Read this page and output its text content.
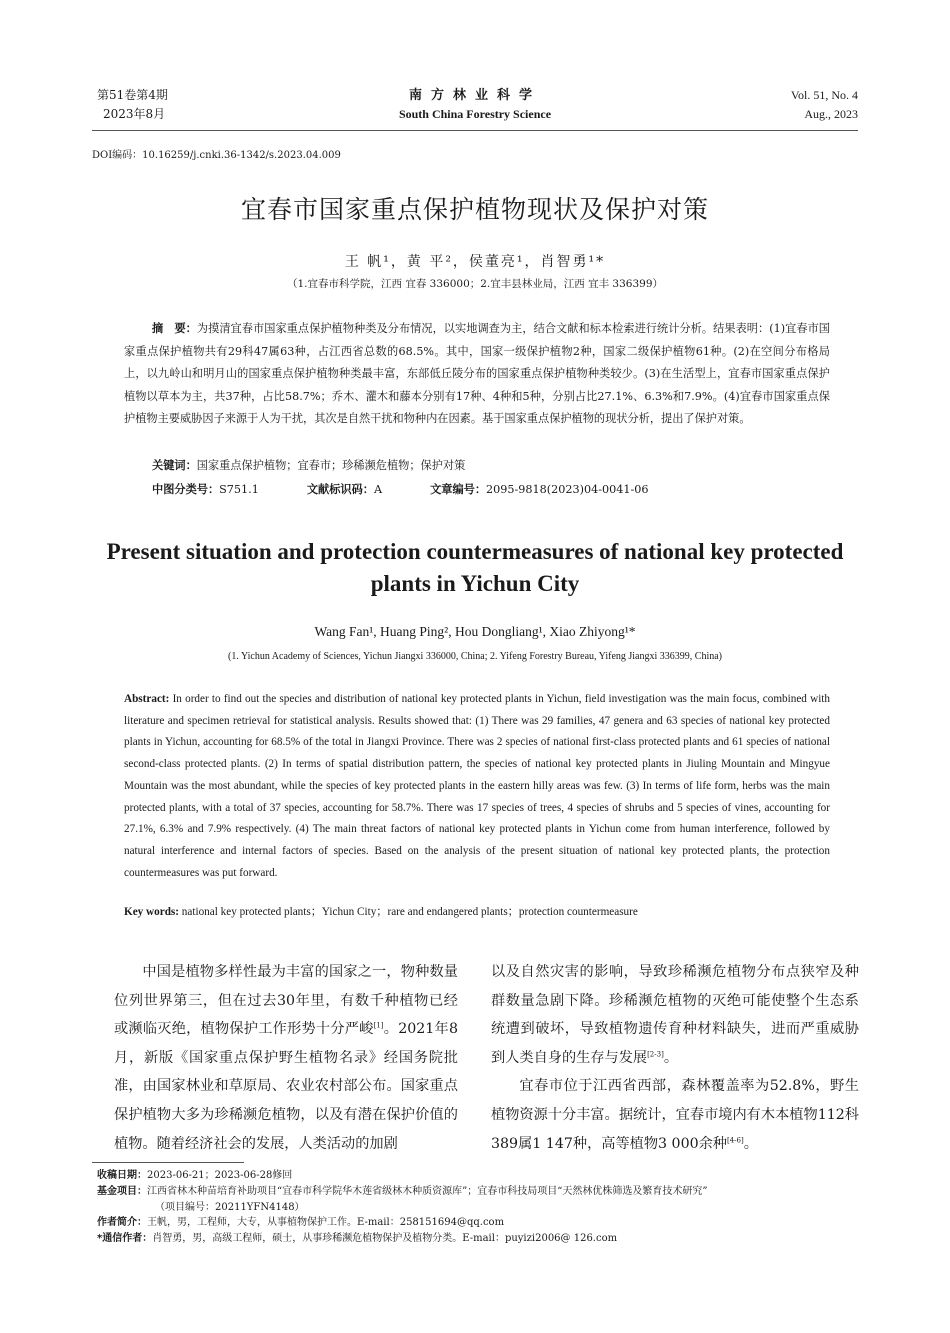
第51卷第4期
2023年8月
南方林业科学
South China Forestry Science
Vol. 51, No. 4
Aug., 2023
DOI编码：10.16259/j.cnki.36-1342/s.2023.04.009
宜春市国家重点保护植物现状及保护对策
王 帆¹，黄 平²，侯董亮¹，肖智勇¹*
（1.宜春市科学院，江西 宜春 336000；2.宜丰县林业局，江西 宜丰 336399）
摘　要：为摸清宜春市国家重点保护植物种类及分布情况，以实地调查为主，结合文献和标本检索进行统计分析。结果表明：(1)宜春市国家重点保护植物共有29科47属63种，占江西省总数的68.5%。其中，国家一级保护植物2种，国家二级保护植物61种。(2)在空间分布格局上，以九岭山和明月山的国家重点保护植物种类最丰富，东部低丘陵分布的国家重点保护植物种类较少。(3)在生活型上，宜春市国家重点保护植物以草本为主，共37种，占比58.7%；乔木、灌木和藤本分别有17种、4种和5种，分别占比27.1%、6.3%和7.9%。(4)宜春市国家重点保护植物主要威胁因子来源于人为干扰，其次是自然干扰和物种内在因素。基于国家重点保护植物的现状分析，提出了保护对策。
关键词：国家重点保护植物；宜春市；珍稀濒危植物；保护对策
中图分类号：S751.1	文献标识码：A	文章编号：2095-9818(2023)04-0041-06
Present situation and protection countermeasures of national key protected plants in Yichun City
Wang Fan¹, Huang Ping², Hou Dongliang¹, Xiao Zhiyong¹*
(1. Yichun Academy of Sciences, Yichun Jiangxi 336000, China; 2. Yifeng Forestry Bureau, Yifeng Jiangxi 336399, China)
Abstract: In order to find out the species and distribution of national key protected plants in Yichun, field investigation was the main focus, combined with literature and specimen retrieval for statistical analysis. Results showed that: (1) There was 29 families, 47 genera and 63 species of national key protected plants in Yichun, accounting for 68.5% of the total in Jiangxi Province. There was 2 species of national first-class protected plants and 61 species of national second-class protected plants. (2) In terms of spatial distribution pattern, the species of national key protected plants in Jiuling Mountain and Mingyue Mountain was the most abundant, while the species of key protected plants in the eastern hilly areas was few. (3) In terms of life form, herbs was the main protected plants, with a total of 37 species, accounting for 58.7%. There was 17 species of trees, 4 species of shrubs and 5 species of vines, accounting for 27.1%, 6.3% and 7.9% respectively. (4) The main threat factors of national key protected plants in Yichun come from human interference, followed by natural interference and internal factors of species. Based on the analysis of the present situation of national key protected plants, the protection countermeasures was put forward.
Key words: national key protected plants；Yichun City；rare and endangered plants；protection countermeasure
中国是植物多样性最为丰富的国家之一，物种数量位列世界第三，但在过去30年里，有数千种植物已经或濒临灭绝，植物保护工作形势十分严峻[1]。2021年8月，新版《国家重点保护野生植物名录》经国务院批准，由国家林业和草原局、农业农村部公布。国家重点保护植物大多为珍稀濒危植物，以及有潜在保护价值的植物。随着经济社会的发展，人类活动的加剧
以及自然灾害的影响，导致珍稀濒危植物分布点狭窄及种群数量急剧下降。珍稀濒危植物的灭绝可能使整个生态系统遭到破坏，导致植物遗传育种材料缺失，进而严重威胁到人类自身的生存与发展[2-3]。
宜春市位于江西省西部，森林覆盖率为52.8%，野生植物资源十分丰富。据统计，宜春市境内有木本植物112科389属1 147种，高等植物3 000余种[4-6]。
收稿日期：2023-06-21；2023-06-28修回
基金项目：江西省林木种苗培育补助项目“宜春市科学院华木莲省级林木种质资源库”；宜春市科技局项目“天然林优株筛选及繁育技术研究”
（项目编号：20211YFN4148）
作者简介：王帆，男，工程师，大专，从事植物保护工作。E-mail：258151694@qq.com
*通信作者：肖智勇，男，高级工程师，硕士，从事珍稀濒危植物保护及植物分类。E-mail：puyizi2006@ 126.com
